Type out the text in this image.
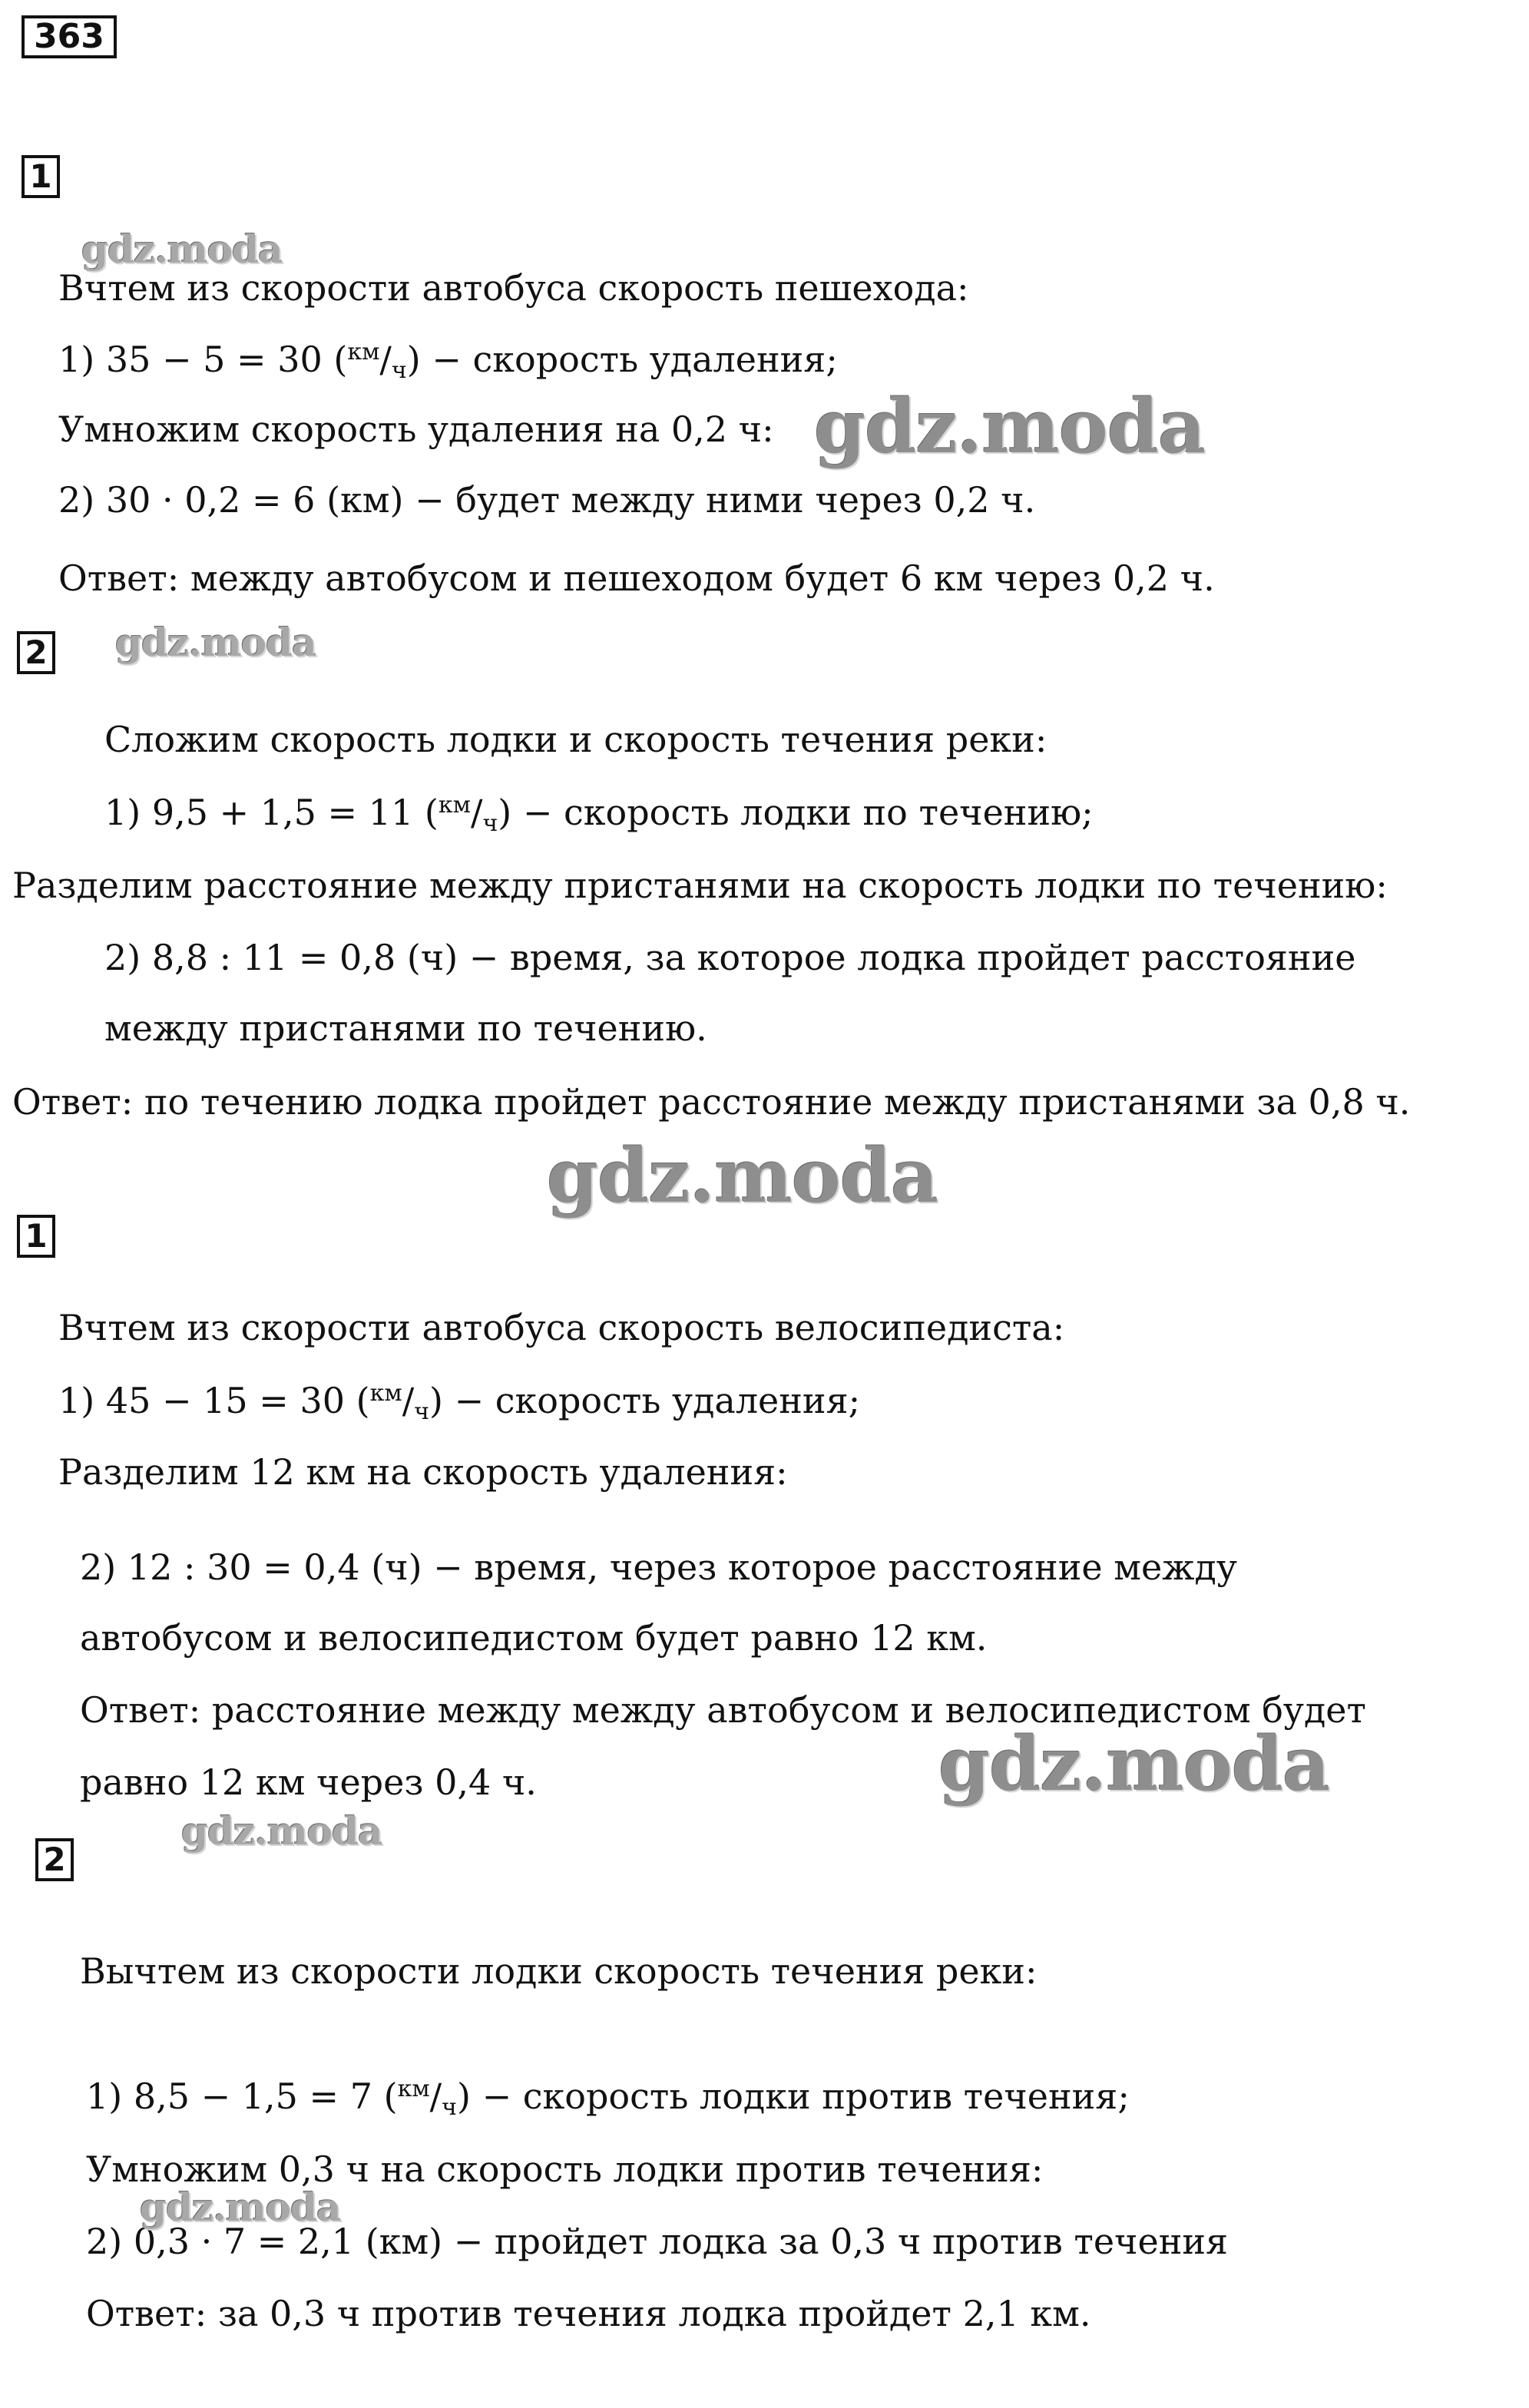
363
1
Вчтем из скорости автобуса скорость пешехода:
1) 35 − 5 = 30 $(^{км}/_ч)$ − скорость удаления;
Умножим скорость удаления на 0,2 ч:
2) 30 · 0,2 = 6 (км) − будет между ними через 0,2 ч.
Ответ: между автобусом и пешеходом будет 6 км через 0,2 ч.
2
Сложим скорость лодки и скорость течения реки:
1) 9,5 + 1,5 = 11 $(^{км}/_ч)$ − скорость лодки по течению;
Разделим расстояние между пристанями на скорость лодки по течению:
2) 8,8 : 11 = 0,8 (ч) − время, за которое лодка пройдет расстояние
между пристанями по течению.
Ответ: по течению лодка пройдет расстояние между пристанями за 0,8 ч.
1
Вчтем из скорости автобуса скорость велосипедиста:
1) 45 − 15 = 30 $(^{км}/_ч)$ − скорость удаления;
Разделим 12 км на скорость удаления:
2) 12 : 30 = 0,4 (ч) − время, через которое расстояние между
автобусом и велосипедистом будет равно 12 км.
Ответ: расстояние между между автобусом и велосипедистом будет
равно 12 км через 0,4 ч.
2
Вычтем из скорости лодки скорость течения реки:
1) 8,5 − 1,5 = 7 $(^{км}/_ч)$ − скорость лодки против течения;
Умножим 0,3 ч на скорость лодки против течения:
2) 0,3 · 7 = 2,1 (км) − пройдет лодка за 0,3 ч против течения
Ответ: за 0,3 ч против течения лодка пройдет 2,1 км.
gdz.moda
gdz.moda
gdz.moda
gdz.moda
gdz.moda
gdz.moda
gdz.moda
